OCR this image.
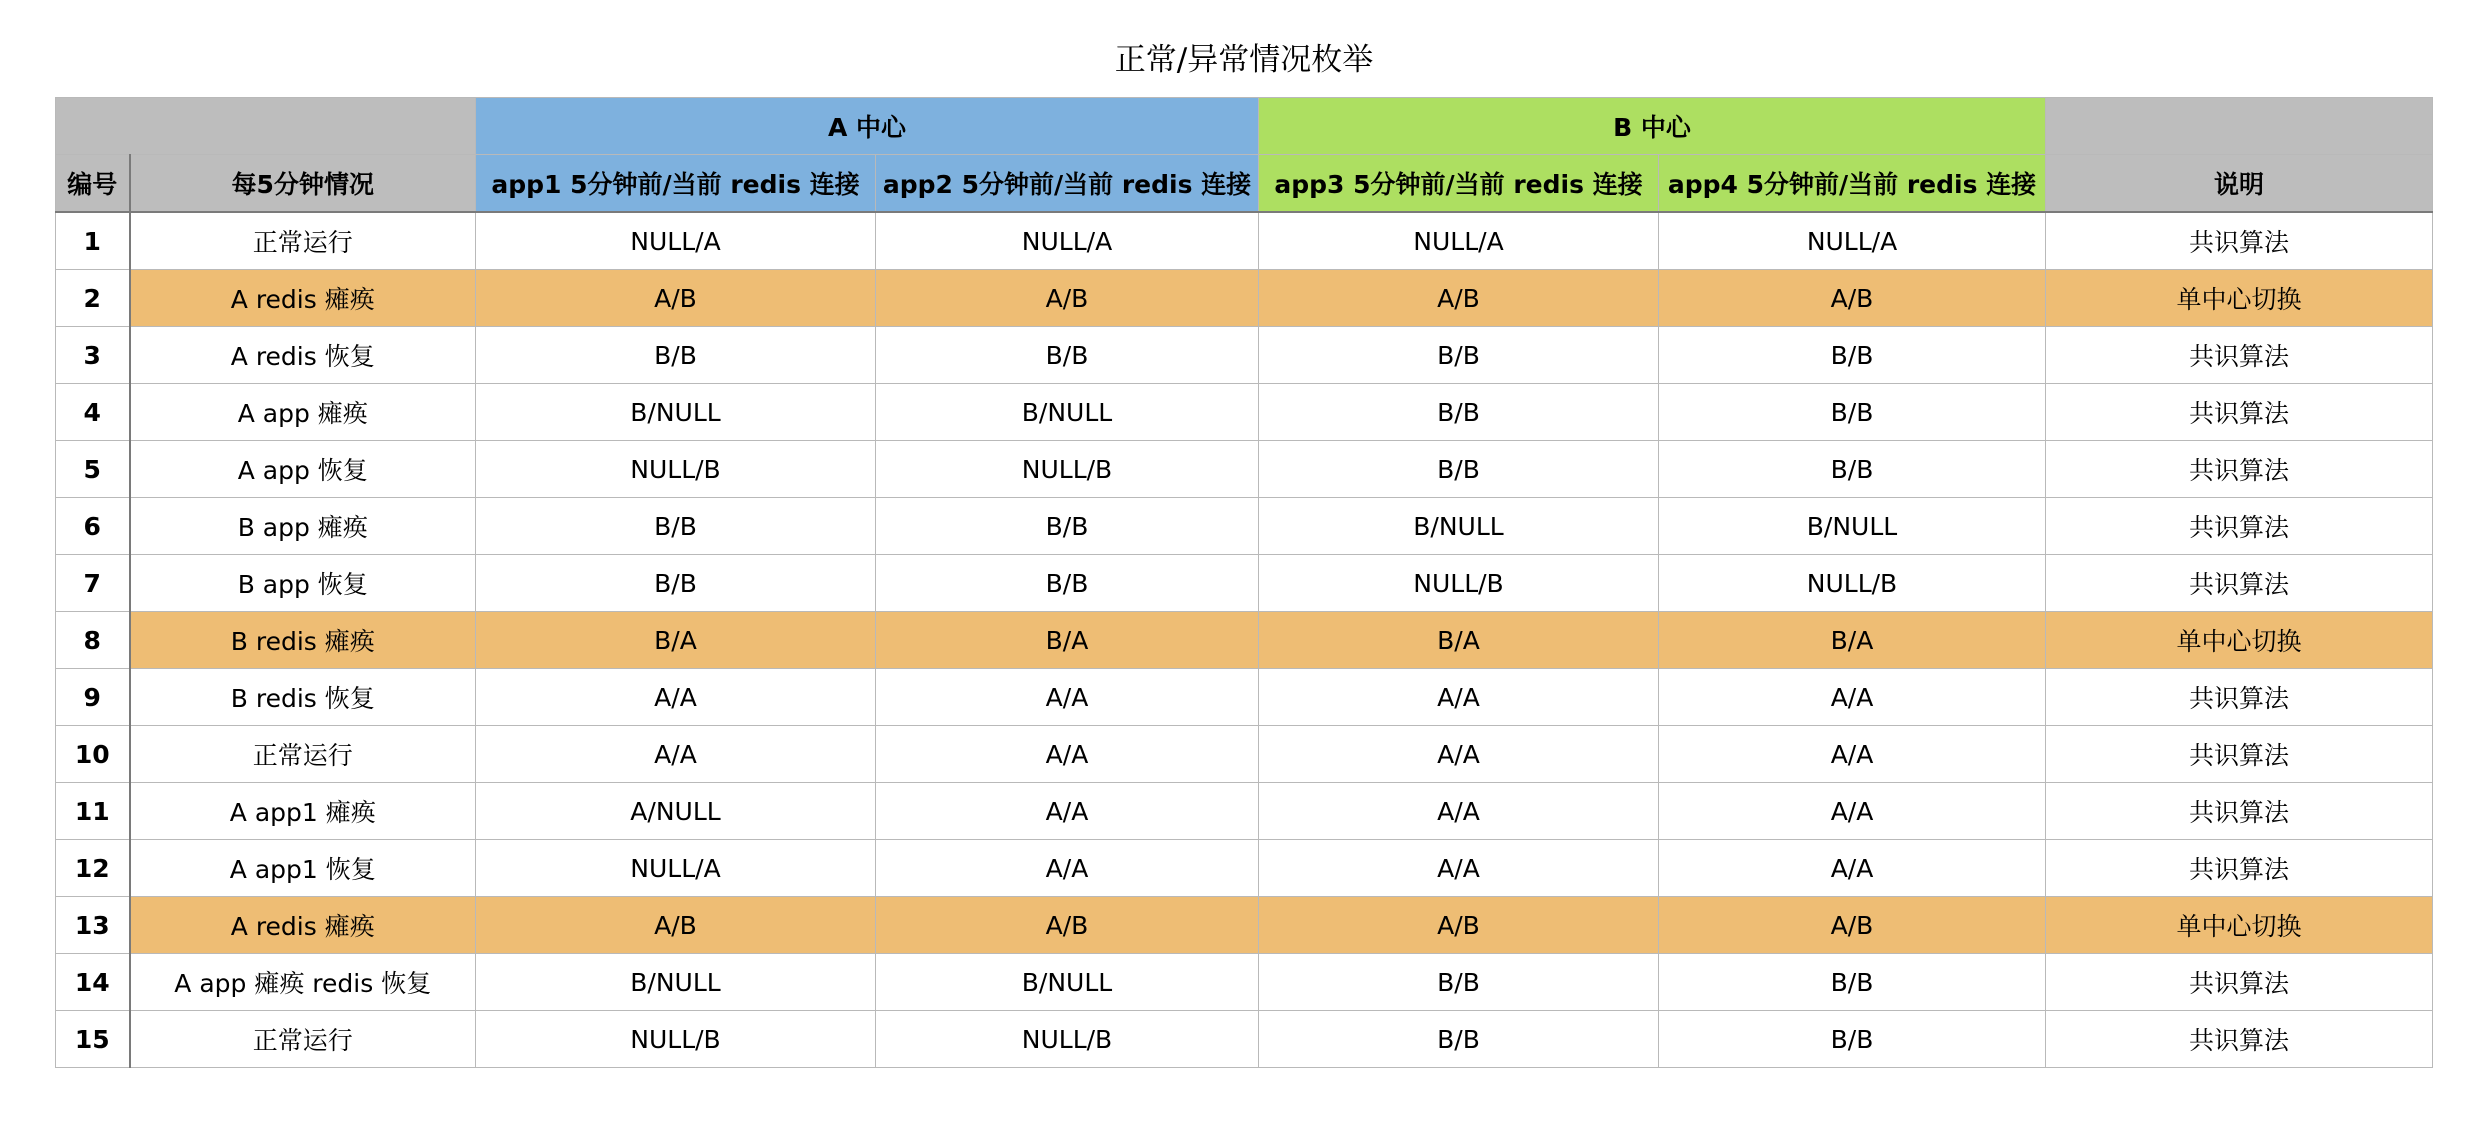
正常/异常情况枚举
		A 中心		B 中心		
编号	每5分钟情况	app1 5分钟前/当前 redis 连接	app2 5分钟前/当前 redis 连接	app3 5分钟前/当前 redis 连接	app4 5分钟前/当前 redis 连接	说明
1	正常运行	NULL/A	NULL/A	NULL/A	NULL/A	共识算法
2	A redis 瘫痪	A/B	A/B	A/B	A/B	单中心切换
3	A redis 恢复	B/B	B/B	B/B	B/B	共识算法
4	A app 瘫痪	B/NULL	B/NULL	B/B	B/B	共识算法
5	A app 恢复	NULL/B	NULL/B	B/B	B/B	共识算法
6	B app 瘫痪	B/B	B/B	B/NULL	B/NULL	共识算法
7	B app 恢复	B/B	B/B	NULL/B	NULL/B	共识算法
8	B redis 瘫痪	B/A	B/A	B/A	B/A	单中心切换
9	B redis 恢复	A/A	A/A	A/A	A/A	共识算法
10	正常运行	A/A	A/A	A/A	A/A	共识算法
11	A app1 瘫痪	A/NULL	A/A	A/A	A/A	共识算法
12	A app1 恢复	NULL/A	A/A	A/A	A/A	共识算法
13	A redis 瘫痪	A/B	A/B	A/B	A/B	单中心切换
14	A app 瘫痪 redis 恢复	B/NULL	B/NULL	B/B	B/B	共识算法
15	正常运行	NULL/B	NULL/B	B/B	B/B	共识算法
